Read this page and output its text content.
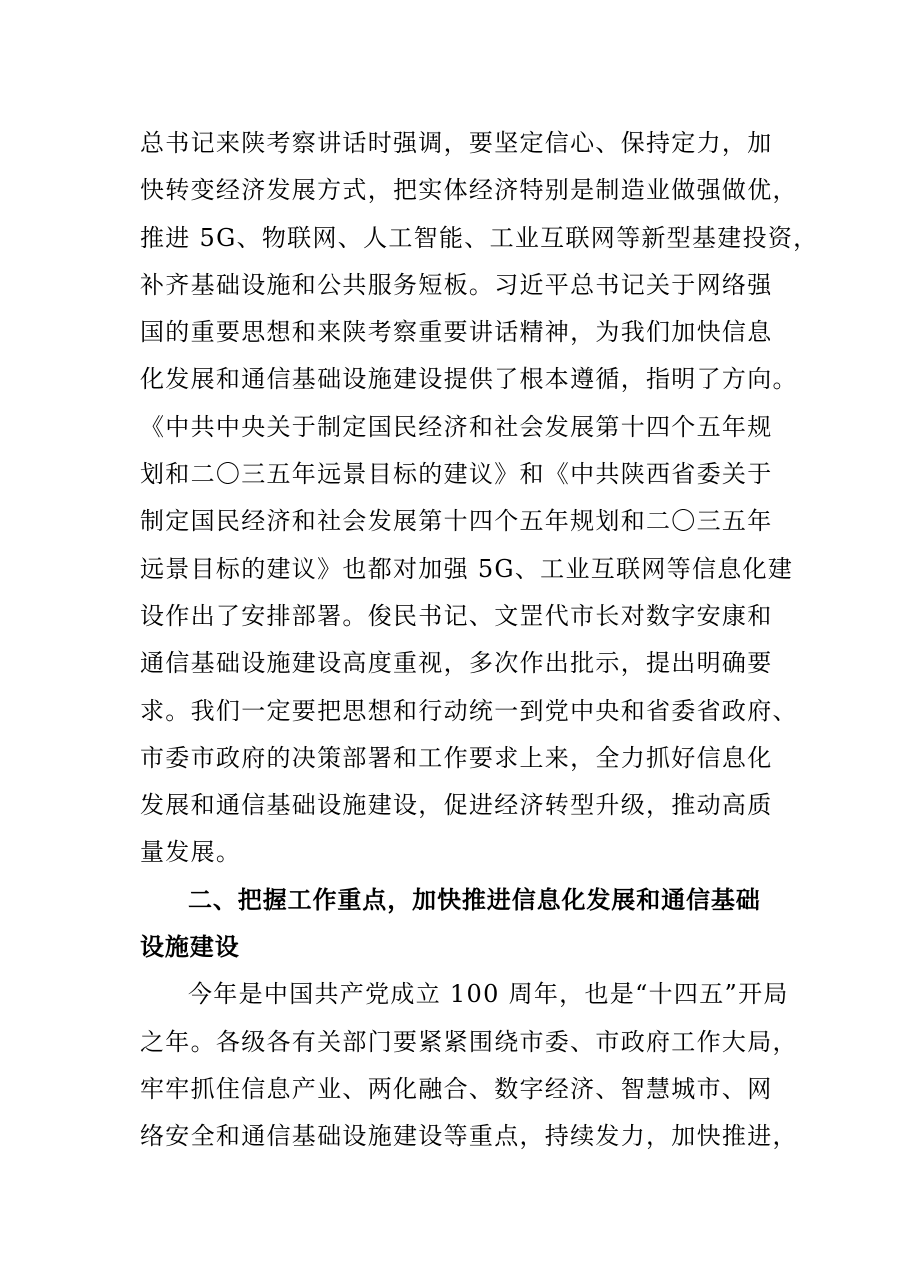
总书记来陕考察讲话时强调，要坚定信心、保持定力，加
快转变经济发展方式，把实体经济特别是制造业做强做优，
推进 5G、物联网、人工智能、工业互联网等新型基建投资，
补齐基础设施和公共服务短板。习近平总书记关于网络强
国的重要思想和来陕考察重要讲话精神，为我们加快信息
化发展和通信基础设施建设提供了根本遵循，指明了方向。
《中共中央关于制定国民经济和社会发展第十四个五年规
划和二〇三五年远景目标的建议》和《中共陕西省委关于
制定国民经济和社会发展第十四个五年规划和二〇三五年
远景目标的建议》也都对加强 5G、工业互联网等信息化建
设作出了安排部署。俊民书记、文罡代市长对数字安康和
通信基础设施建设高度重视，多次作出批示，提出明确要
求。我们一定要把思想和行动统一到党中央和省委省政府、
市委市政府的决策部署和工作要求上来，全力抓好信息化
发展和通信基础设施建设，促进经济转型升级，推动高质
量发展。
二、把握工作重点，加快推进信息化发展和通信基础
设施建设
今年是中国共产党成立 100 周年，也是“十四五”开局
之年。各级各有关部门要紧紧围绕市委、市政府工作大局，
牢牢抓住信息产业、两化融合、数字经济、智慧城市、网
络安全和通信基础设施建设等重点，持续发力，加快推进，
